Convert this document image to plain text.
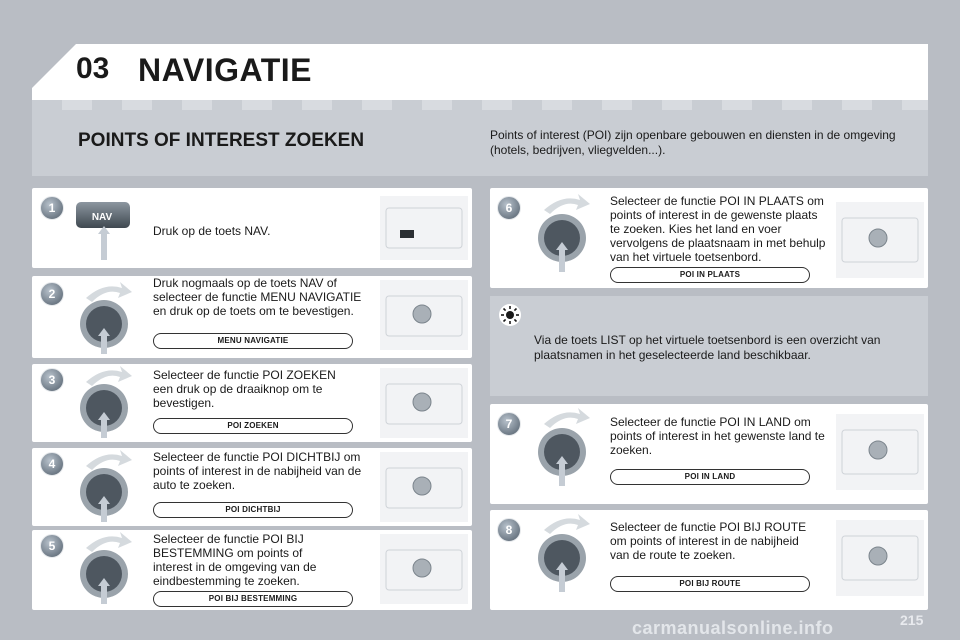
03 NAVIGATIE
POINTS OF INTEREST ZOEKEN	Points of interest (POI) zijn openbare gebouwen en diensten in de omgeving (hotels, bedrijven, vliegvelden...).
1
NAV
Druk op de toets NAV.
2
Druk nogmaals op de toets NAV of selecteer de functie MENU NAVIGATIE en druk op de toets om te bevestigen.
MENU NAVIGATIE
3	Selecteer de functie POI ZOEKEN een druk op de draaiknop om te bevestigen.
POI ZOEKEN
4	Selecteer de functie POI DICHTBIJ om points of interest in de nabijheid van de auto te zoeken.
POI DICHTBIJ
5	Selecteer de functie POI BIJ BESTEMMING om points of interest in de omgeving van de eindbestemming te zoeken.
POI BIJ BESTEMMING
6	Selecteer de functie POI IN PLAATS om points of interest in de gewenste plaats te zoeken. Kies het land en voer vervolgens de plaatsnaam in met behulp van het virtuele toetsenbord.
POI IN PLAATS
Via de toets LIST op het virtuele toetsenbord is een overzicht van plaatsnamen in het geselecteerde land beschikbaar.
7	Selecteer de functie POI IN LAND om points of interest in het gewenste land te zoeken.
POI IN LAND
8	Selecteer de functie POI BIJ ROUTE om points of interest in de nabijheid van de route te zoeken.
POI BIJ ROUTE
carmanualsonline.info	215
